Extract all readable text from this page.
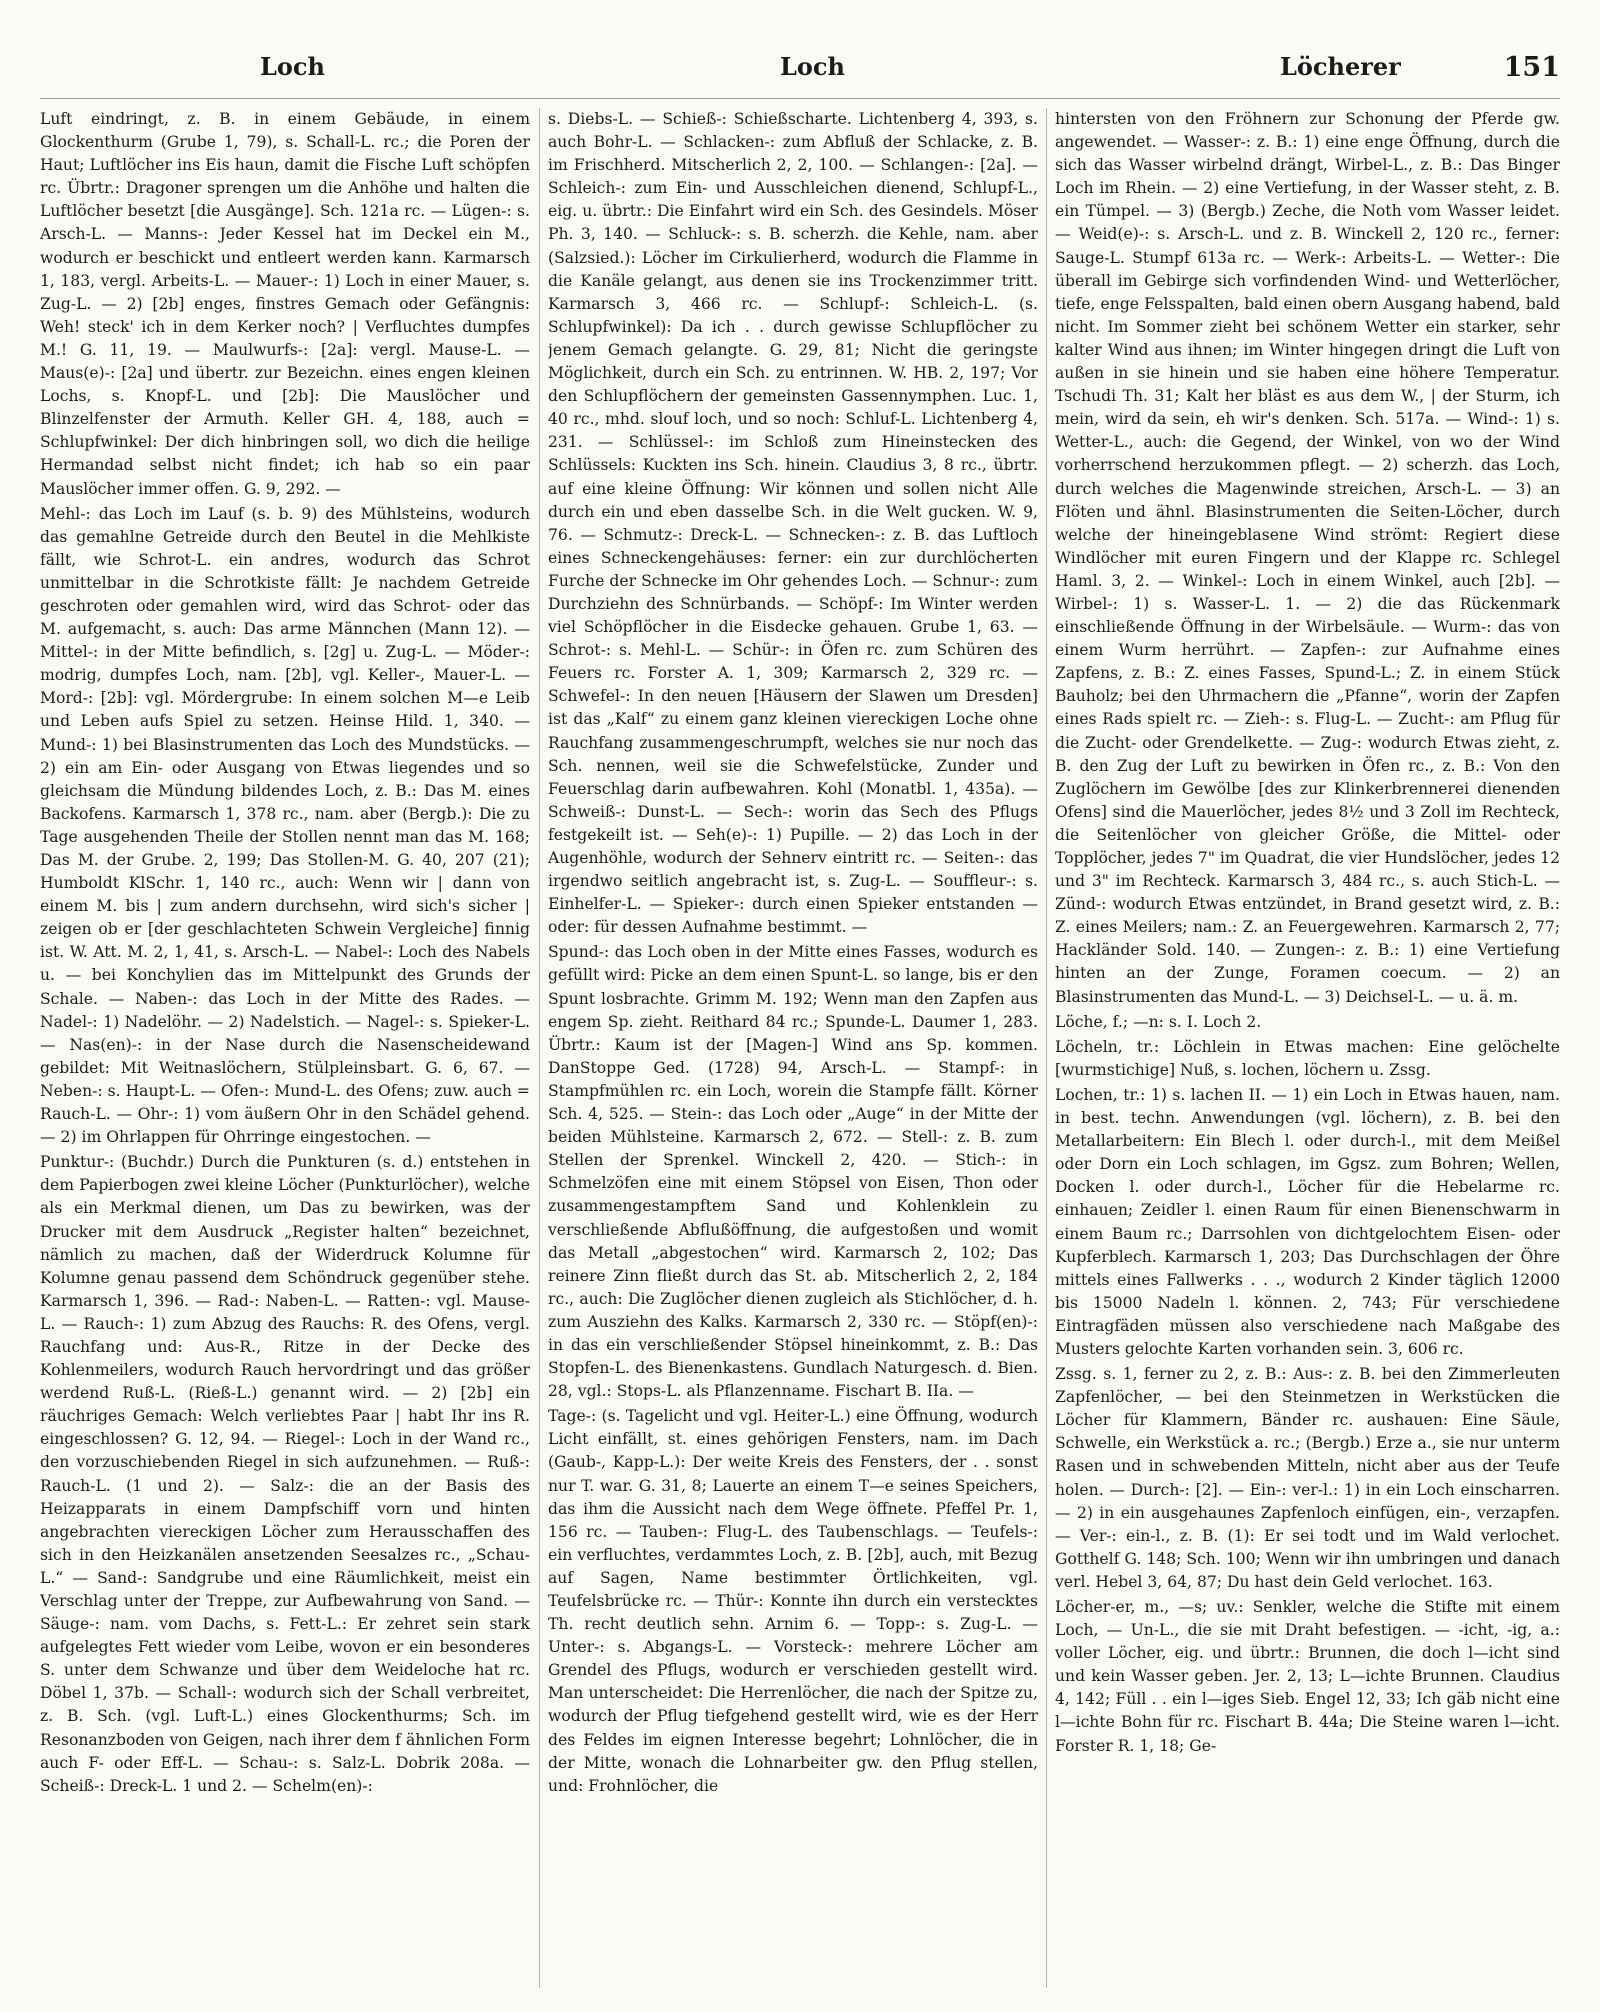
Loch	Loch	Löcherer	151

Luft eindringt, z. B. in einem Gebäude, in einem Glockenthurm (Grube 1, 79), s. Schall-L. rc.; die Poren der Haut; Luftlöcher ins Eis haun, damit die Fische Luft schöpfen rc. Übrtr.: Dragoner sprengen um die Anhöhe und halten die Luftlöcher besetzt [die Ausgänge]. Sch. 121a rc. — Lügen-: s. Arsch-L. — Manns-: Jeder Kessel hat im Deckel ein M., wodurch er beschickt und entleert werden kann. Karmarsch 1, 183, vergl. Arbeits-L. — Mauer-: 1) Loch in einer Mauer, s. Zug-L. — 2) [2b] enges, finstres Gemach oder Gefängnis: Weh! steck' ich in dem Kerker noch? | Verfluchtes dumpfes M.! G. 11, 19. — Maulwurfs-: [2a]: vergl. Mause-L. — Maus(e)-: [2a] und übertr. zur Bezeichn. eines engen kleinen Lochs, s. Knopf-L. und [2b]: Die Mauslöcher und Blinzelfenster der Armuth. Keller GH. 4, 188, auch = Schlupfwinkel: Der dich hinbringen soll, wo dich die heilige Hermandad selbst nicht findet; ich hab so ein paar Mauslöcher immer offen. G. 9, 292. —

Mehl-: das Loch im Lauf (s. b. 9) des Mühlsteins, wodurch das gemahlne Getreide durch den Beutel in die Mehlkiste fällt, wie Schrot-L. ein andres, wodurch das Schrot unmittelbar in die Schrotkiste fällt: Je nachdem Getreide geschroten oder gemahlen wird, wird das Schrot- oder das M. aufgemacht, s. auch: Das arme Männchen (Mann 12). — Mittel-: in der Mitte befindlich, s. [2g] u. Zug-L. — Möder-: modrig, dumpfes Loch, nam. [2b], vgl. Keller-, Mauer-L. — Mord-: [2b]: vgl. Mördergrube: In einem solchen M—e Leib und Leben aufs Spiel zu setzen. Heinse Hild. 1, 340. — Mund-: 1) bei Blasinstrumenten das Loch des Mundstücks. — 2) ein am Ein- oder Ausgang von Etwas liegendes und so gleichsam die Mündung bildendes Loch, z. B.: Das M. eines Backofens. Karmarsch 1, 378 rc., nam. aber (Bergb.): Die zu Tage ausgehenden Theile der Stollen nennt man das M. 168; Das M. der Grube. 2, 199; Das Stollen-M. G. 40, 207 (21); Humboldt KlSchr. 1, 140 rc., auch: Wenn wir | dann von einem M. bis | zum andern durchsehn, wird sich's sicher | zeigen ob er [der geschlachteten Schwein Vergleiche] finnig ist. W. Att. M. 2, 1, 41, s. Arsch-L. — Nabel-: Loch des Nabels u. — bei Konchylien das im Mittelpunkt des Grunds der Schale. — Naben-: das Loch in der Mitte des Rades. — Nadel-: 1) Nadelöhr. — 2) Nadelstich. — Nagel-: s. Spieker-L. — Nas(en)-: in der Nase durch die Nasenscheidewand gebildet: Mit Weitnaslöchern, Stülpleinsbart. G. 6, 67. — Neben-: s. Haupt-L. — Ofen-: Mund-L. des Ofens; zuw. auch = Rauch-L. — Ohr-: 1) vom äußern Ohr in den Schädel gehend. — 2) im Ohrlappen für Ohrringe eingestochen. —

Punktur-: (Buchdr.) Durch die Punkturen (s. d.) entstehen in dem Papierbogen zwei kleine Löcher (Punkturlöcher), welche als ein Merkmal dienen, um Das zu bewirken, was der Drucker mit dem Ausdruck „Register halten“ bezeichnet, nämlich zu machen, daß der Widerdruck Kolumne für Kolumne genau passend dem Schöndruck gegenüber stehe. Karmarsch 1, 396. — Rad-: Naben-L. — Ratten-: vgl. Mause-L. — Rauch-: 1) zum Abzug des Rauchs: R. des Ofens, vergl. Rauchfang und: Aus-R., Ritze in der Decke des Kohlenmeilers, wodurch Rauch hervordringt und das größer werdend Ruß-L. (Rieß-L.) genannt wird. — 2) [2b] ein räuchriges Gemach: Welch verliebtes Paar | habt Ihr ins R. eingeschlossen? G. 12, 94. — Riegel-: Loch in der Wand rc., den vorzuschiebenden Riegel in sich aufzunehmen. — Ruß-: Rauch-L. (1 und 2). — Salz-: die an der Basis des Heizapparats in einem Dampfschiff vorn und hinten angebrachten viereckigen Löcher zum Herausschaffen des sich in den Heizkanälen ansetzenden Seesalzes rc., „Schau-L.“ — Sand-: Sandgrube und eine Räumlichkeit, meist ein Verschlag unter der Treppe, zur Aufbewahrung von Sand. — Säuge-: nam. vom Dachs, s. Fett-L.: Er zehret sein stark aufgelegtes Fett wieder vom Leibe, wovon er ein besonderes S. unter dem Schwanze und über dem Weideloche hat rc. Döbel 1, 37b. — Schall-: wodurch sich der Schall verbreitet, z. B. Sch. (vgl. Luft-L.) eines Glockenthurms; Sch. im Resonanzboden von Geigen, nach ihrer dem f ähnlichen Form auch F- oder Eff-L. — Schau-: s. Salz-L. Dobrik 208a. — Scheiß-: Dreck-L. 1 und 2. — Schelm(en)-:

s. Diebs-L. — Schieß-: Schießscharte. Lichtenberg 4, 393, s. auch Bohr-L. — Schlacken-: zum Abfluß der Schlacke, z. B. im Frischherd. Mitscherlich 2, 2, 100. — Schlangen-: [2a]. — Schleich-: zum Ein- und Ausschleichen dienend, Schlupf-L., eig. u. übrtr.: Die Einfahrt wird ein Sch. des Gesindels. Möser Ph. 3, 140. — Schluck-: s. B. scherzh. die Kehle, nam. aber (Salzsied.): Löcher im Cirkulierherd, wodurch die Flamme in die Kanäle gelangt, aus denen sie ins Trockenzimmer tritt. Karmarsch 3, 466 rc. — Schlupf-: Schleich-L. (s. Schlupfwinkel): Da ich . . durch gewisse Schlupflöcher zu jenem Gemach gelangte. G. 29, 81; Nicht die geringste Möglichkeit, durch ein Sch. zu entrinnen. W. HB. 2, 197; Vor den Schlupflöchern der gemeinsten Gassennymphen. Luc. 1, 40 rc., mhd. slouf loch, und so noch: Schluf-L. Lichtenberg 4, 231. — Schlüssel-: im Schloß zum Hineinstecken des Schlüssels: Kuckten ins Sch. hinein. Claudius 3, 8 rc., übrtr. auf eine kleine Öffnung: Wir können und sollen nicht Alle durch ein und eben dasselbe Sch. in die Welt gucken. W. 9, 76. — Schmutz-: Dreck-L. — Schnecken-: z. B. das Luftloch eines Schneckengehäuses: ferner: ein zur durchlöcherten Furche der Schnecke im Ohr gehendes Loch. — Schnur-: zum Durchziehn des Schnürbands. — Schöpf-: Im Winter werden viel Schöpflöcher in die Eisdecke gehauen. Grube 1, 63. — Schrot-: s. Mehl-L. — Schür-: in Öfen rc. zum Schüren des Feuers rc. Forster A. 1, 309; Karmarsch 2, 329 rc. — Schwefel-: In den neuen [Häusern der Slawen um Dresden] ist das „Kalf“ zu einem ganz kleinen viereckigen Loche ohne Rauchfang zusammengeschrumpft, welches sie nur noch das Sch. nennen, weil sie die Schwefelstücke, Zunder und Feuerschlag darin aufbewahren. Kohl (Monatbl. 1, 435a). — Schweiß-: Dunst-L. — Sech-: worin das Sech des Pflugs festgekeilt ist. — Seh(e)-: 1) Pupille. — 2) das Loch in der Augenhöhle, wodurch der Sehnerv eintritt rc. — Seiten-: das irgendwo seitlich angebracht ist, s. Zug-L. — Souffleur-: s. Einhelfer-L. — Spieker-: durch einen Spieker entstanden — oder: für dessen Aufnahme bestimmt. —

Spund-: das Loch oben in der Mitte eines Fasses, wodurch es gefüllt wird: Picke an dem einen Spunt-L. so lange, bis er den Spunt losbrachte. Grimm M. 192; Wenn man den Zapfen aus engem Sp. zieht. Reithard 84 rc.; Spunde-L. Daumer 1, 283. Übrtr.: Kaum ist der [Magen-] Wind ans Sp. kommen. DanStoppe Ged. (1728) 94, Arsch-L. — Stampf-: in Stampfmühlen rc. ein Loch, worein die Stampfe fällt. Körner Sch. 4, 525. — Stein-: das Loch oder „Auge“ in der Mitte der beiden Mühlsteine. Karmarsch 2, 672. — Stell-: z. B. zum Stellen der Sprenkel. Winckell 2, 420. — Stich-: in Schmelzöfen eine mit einem Stöpsel von Eisen, Thon oder zusammengestampftem Sand und Kohlenklein zu verschließende Abflußöffnung, die aufgestoßen und womit das Metall „abgestochen“ wird. Karmarsch 2, 102; Das reinere Zinn fließt durch das St. ab. Mitscherlich 2, 2, 184 rc., auch: Die Zuglöcher dienen zugleich als Stichlöcher, d. h. zum Ausziehn des Kalks. Karmarsch 2, 330 rc. — Stöpf(en)-: in das ein verschließender Stöpsel hineinkommt, z. B.: Das Stopfen-L. des Bienenkastens. Gundlach Naturgesch. d. Bien. 28, vgl.: Stops-L. als Pflanzenname. Fischart B. IIa. —

Tage-: (s. Tagelicht und vgl. Heiter-L.) eine Öffnung, wodurch Licht einfällt, st. eines gehörigen Fensters, nam. im Dach (Gaub-, Kapp-L.): Der weite Kreis des Fensters, der . . sonst nur T. war. G. 31, 8; Lauerte an einem T—e seines Speichers, das ihm die Aussicht nach dem Wege öffnete. Pfeffel Pr. 1, 156 rc. — Tauben-: Flug-L. des Taubenschlags. — Teufels-: ein verfluchtes, verdammtes Loch, z. B. [2b], auch, mit Bezug auf Sagen, Name bestimmter Örtlichkeiten, vgl. Teufelsbrücke rc. — Thür-: Konnte ihn durch ein verstecktes Th. recht deutlich sehn. Arnim 6. — Topp-: s. Zug-L. — Unter-: s. Abgangs-L. — Vorsteck-: mehrere Löcher am Grendel des Pflugs, wodurch er verschieden gestellt wird. Man unterscheidet: Die Herrenlöcher, die nach der Spitze zu, wodurch der Pflug tiefgehend gestellt wird, wie es der Herr des Feldes im eignen Interesse begehrt; Lohnlöcher, die in der Mitte, wonach die Lohnarbeiter gw. den Pflug stellen, und: Frohnlöcher, die

hintersten von den Fröhnern zur Schonung der Pferde gw. angewendet. — Wasser-: z. B.: 1) eine enge Öffnung, durch die sich das Wasser wirbelnd drängt, Wirbel-L., z. B.: Das Binger Loch im Rhein. — 2) eine Vertiefung, in der Wasser steht, z. B. ein Tümpel. — 3) (Bergb.) Zeche, die Noth vom Wasser leidet. — Weid(e)-: s. Arsch-L. und z. B. Winckell 2, 120 rc., ferner: Sauge-L. Stumpf 613a rc. — Werk-: Arbeits-L. — Wetter-: Die überall im Gebirge sich vorfindenden Wind- und Wetterlöcher, tiefe, enge Felsspalten, bald einen obern Ausgang habend, bald nicht. Im Sommer zieht bei schönem Wetter ein starker, sehr kalter Wind aus ihnen; im Winter hingegen dringt die Luft von außen in sie hinein und sie haben eine höhere Temperatur. Tschudi Th. 31; Kalt her bläst es aus dem W., | der Sturm, ich mein, wird da sein, eh wir's denken. Sch. 517a. — Wind-: 1) s. Wetter-L., auch: die Gegend, der Winkel, von wo der Wind vorherrschend herzukommen pflegt. — 2) scherzh. das Loch, durch welches die Magenwinde streichen, Arsch-L. — 3) an Flöten und ähnl. Blasinstrumenten die Seiten-Löcher, durch welche der hineingeblasene Wind strömt: Regiert diese Windlöcher mit euren Fingern und der Klappe rc. Schlegel Haml. 3, 2. — Winkel-: Loch in einem Winkel, auch [2b]. — Wirbel-: 1) s. Wasser-L. 1. — 2) die das Rückenmark einschließende Öffnung in der Wirbelsäule. — Wurm-: das von einem Wurm herrührt. — Zapfen-: zur Aufnahme eines Zapfens, z. B.: Z. eines Fasses, Spund-L.; Z. in einem Stück Bauholz; bei den Uhrmachern die „Pfanne“, worin der Zapfen eines Rads spielt rc. — Zieh-: s. Flug-L. — Zucht-: am Pflug für die Zucht- oder Grendelkette. — Zug-: wodurch Etwas zieht, z. B. den Zug der Luft zu bewirken in Öfen rc., z. B.: Von den Zuglöchern im Gewölbe [des zur Klinkerbrennerei dienenden Ofens] sind die Mauerlöcher, jedes 8½ und 3 Zoll im Rechteck, die Seitenlöcher von gleicher Größe, die Mittel- oder Topplöcher, jedes 7" im Quadrat, die vier Hundslöcher, jedes 12 und 3" im Rechteck. Karmarsch 3, 484 rc., s. auch Stich-L. — Zünd-: wodurch Etwas entzündet, in Brand gesetzt wird, z. B.: Z. eines Meilers; nam.: Z. an Feuergewehren. Karmarsch 2, 77; Hackländer Sold. 140. — Zungen-: z. B.: 1) eine Vertiefung hinten an der Zunge, Foramen coecum. — 2) an Blasinstrumenten das Mund-L. — 3) Deichsel-L. — u. ä. m.

Löche, f.; —n: s. I. Loch 2.

Löcheln, tr.: Löchlein in Etwas machen: Eine gelöchelte [wurmstichige] Nuß, s. lochen, löchern u. Zssg.

Lochen, tr.: 1) s. lachen II. — 1) ein Loch in Etwas hauen, nam. in best. techn. Anwendungen (vgl. löchern), z. B. bei den Metallarbeitern: Ein Blech l. oder durch-l., mit dem Meißel oder Dorn ein Loch schlagen, im Ggsz. zum Bohren; Wellen, Docken l. oder durch-l., Löcher für die Hebelarme rc. einhauen; Zeidler l. einen Raum für einen Bienenschwarm in einem Baum rc.; Darrsohlen von dichtgelochtem Eisen- oder Kupferblech. Karmarsch 1, 203; Das Durchschlagen der Öhre mittels eines Fallwerks . . ., wodurch 2 Kinder täglich 12000 bis 15000 Nadeln l. können. 2, 743; Für verschiedene Eintragfäden müssen also verschiedene nach Maßgabe des Musters gelochte Karten vorhanden sein. 3, 606 rc.

Zssg. s. 1, ferner zu 2, z. B.: Aus-: z. B. bei den Zimmerleuten Zapfenlöcher, — bei den Steinmetzen in Werkstücken die Löcher für Klammern, Bänder rc. aushauen: Eine Säule, Schwelle, ein Werkstück a. rc.; (Bergb.) Erze a., sie nur unterm Rasen und in schwebenden Mitteln, nicht aber aus der Teufe holen. — Durch-: [2]. — Ein-: ver-l.: 1) in ein Loch einscharren. — 2) in ein ausgehaunes Zapfenloch einfügen, ein-, verzapfen. — Ver-: ein-l., z. B. (1): Er sei todt und im Wald verlochet. Gotthelf G. 148; Sch. 100; Wenn wir ihn umbringen und danach verl. Hebel 3, 64, 87; Du hast dein Geld verlochet. 163.

Löcher-er, m., —s; uv.: Senkler, welche die Stifte mit einem Loch, — Un-L., die sie mit Draht befestigen. — -icht, -ig, a.: voller Löcher, eig. und übrtr.: Brunnen, die doch l—icht sind und kein Wasser geben. Jer. 2, 13; L—ichte Brunnen. Claudius 4, 142; Füll . . ein l—iges Sieb. Engel 12, 33; Ich gäb nicht eine l—ichte Bohn für rc. Fischart B. 44a; Die Steine waren l—icht. Forster R. 1, 18; Ge-
